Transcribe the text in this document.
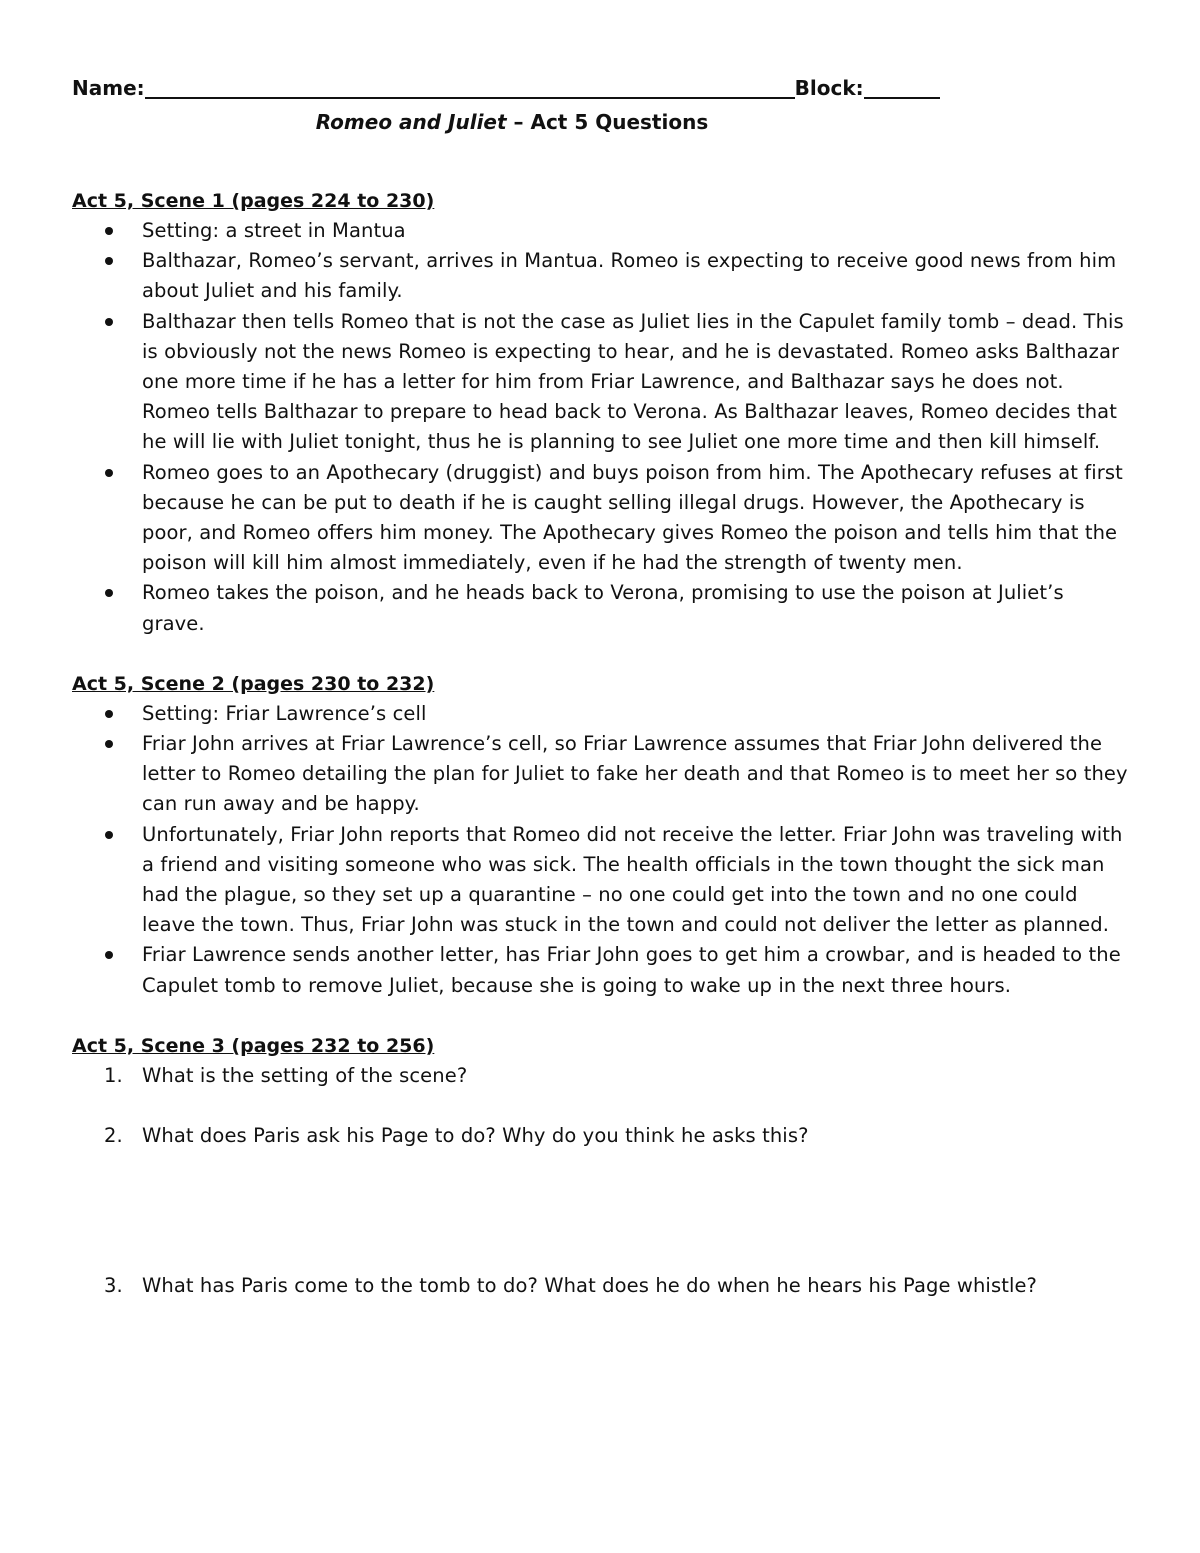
Name:	Block:
Romeo and Juliet – Act 5 Questions
Act 5, Scene 1 (pages 224 to 230)
Setting: a street in Mantua
Balthazar, Romeo’s servant, arrives in Mantua. Romeo is expecting to receive good news from him about Juliet and his family.
Balthazar then tells Romeo that is not the case as Juliet lies in the Capulet family tomb – dead. This is obviously not the news Romeo is expecting to hear, and he is devastated. Romeo asks Balthazar one more time if he has a letter for him from Friar Lawrence, and Balthazar says he does not. Romeo tells Balthazar to prepare to head back to Verona. As Balthazar leaves, Romeo decides that he will lie with Juliet tonight, thus he is planning to see Juliet one more time and then kill himself.
Romeo goes to an Apothecary (druggist) and buys poison from him. The Apothecary refuses at first because he can be put to death if he is caught selling illegal drugs. However, the Apothecary is poor, and Romeo offers him money. The Apothecary gives Romeo the poison and tells him that the poison will kill him almost immediately, even if he had the strength of twenty men.
Romeo takes the poison, and he heads back to Verona, promising to use the poison at Juliet’s grave.
Act 5, Scene 2 (pages 230 to 232)
Setting: Friar Lawrence’s cell
Friar John arrives at Friar Lawrence’s cell, so Friar Lawrence assumes that Friar John delivered the letter to Romeo detailing the plan for Juliet to fake her death and that Romeo is to meet her so they can run away and be happy.
Unfortunately, Friar John reports that Romeo did not receive the letter. Friar John was traveling with a friend and visiting someone who was sick. The health officials in the town thought the sick man had the plague, so they set up a quarantine – no one could get into the town and no one could leave the town. Thus, Friar John was stuck in the town and could not deliver the letter as planned.
Friar Lawrence sends another letter, has Friar John goes to get him a crowbar, and is headed to the Capulet tomb to remove Juliet, because she is going to wake up in the next three hours.
Act 5, Scene 3 (pages 232 to 256)
1. What is the setting of the scene?
2. What does Paris ask his Page to do? Why do you think he asks this?
3. What has Paris come to the tomb to do? What does he do when he hears his Page whistle?
